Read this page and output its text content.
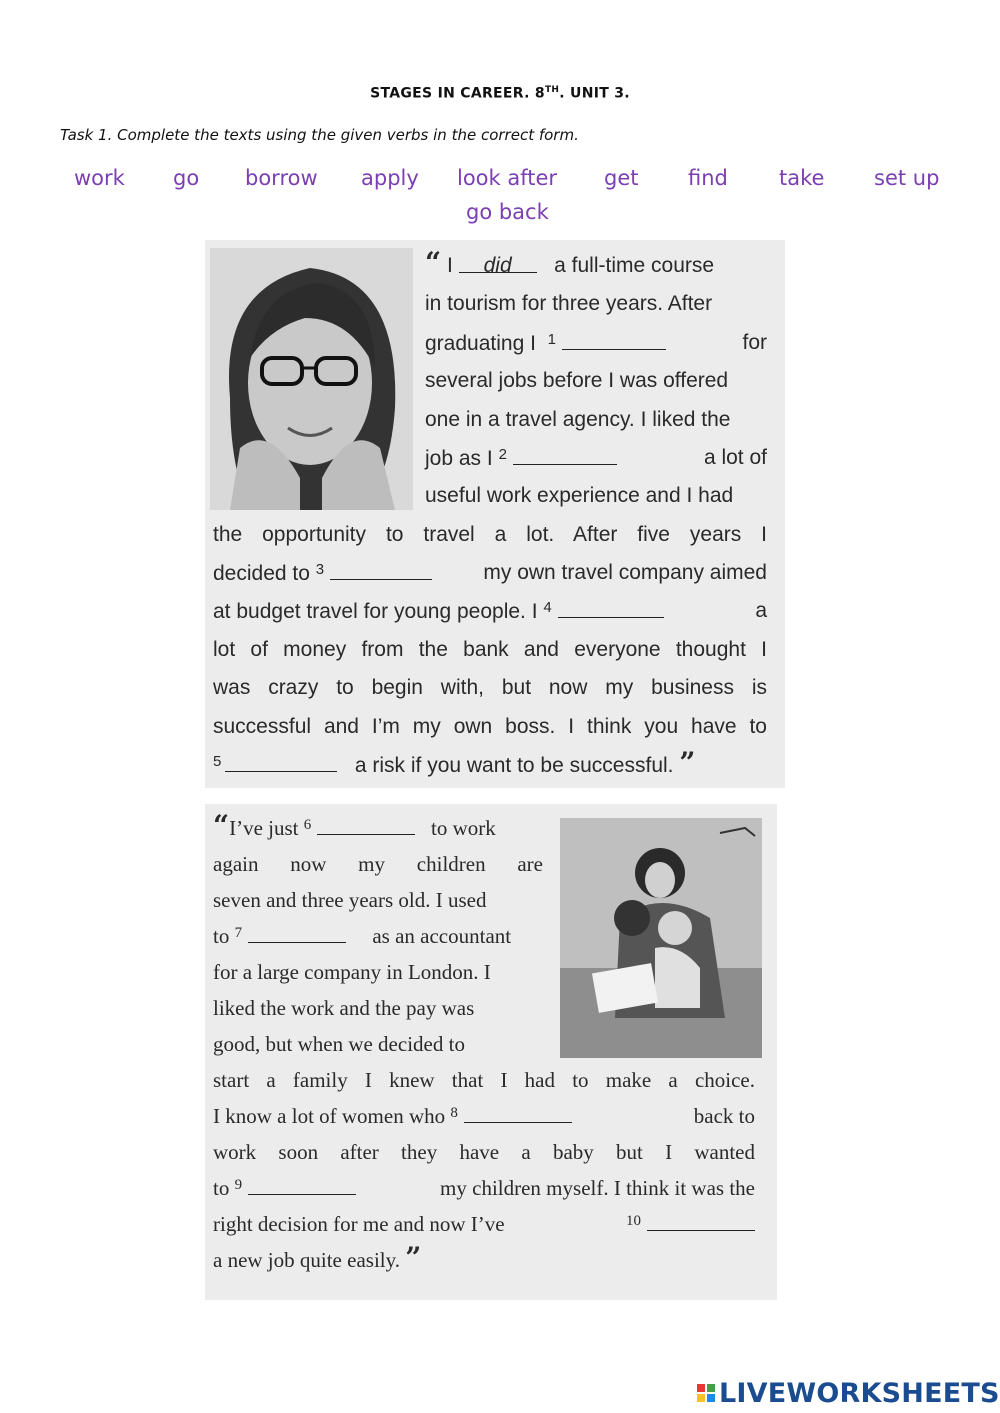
STAGES IN CAREER. 8TH. UNIT 3.
Task 1. Complete the texts using the given verbs in the correct form.
work go borrow apply look after get find take set up
go back
“ I did a full-time course
in tourism for three years. After
graduating I $^1$	for
several jobs before I was offered
one in a travel agency. I liked the
job as I $^2$	a lot of
useful work experience and I had
the opportunity to travel a lot. After five years I
decided to $^3$	my own travel company aimed
at budget travel for young people. I $^4$	a
lot of money from the bank and everyone thought I
was crazy to begin with, but now my business is
successful and I’m my own boss. I think you have to
$^5$	a risk if you want to be successful. ”
“I’ve just $^6$	to work
again now my children are
seven and three years old. I used
to $^7$	as an accountant
for a large company in London. I
liked the work and the pay was
good, but when we decided to
start a family I knew that I had to make a choice.
I know a lot of women who $^8$	back to
work soon after they have a baby but I wanted
to $^9$	my children myself. I think it was the
right decision for me and now I’ve	$^{10}$
a new job quite easily. ”
LIVEWORKSHEETS
